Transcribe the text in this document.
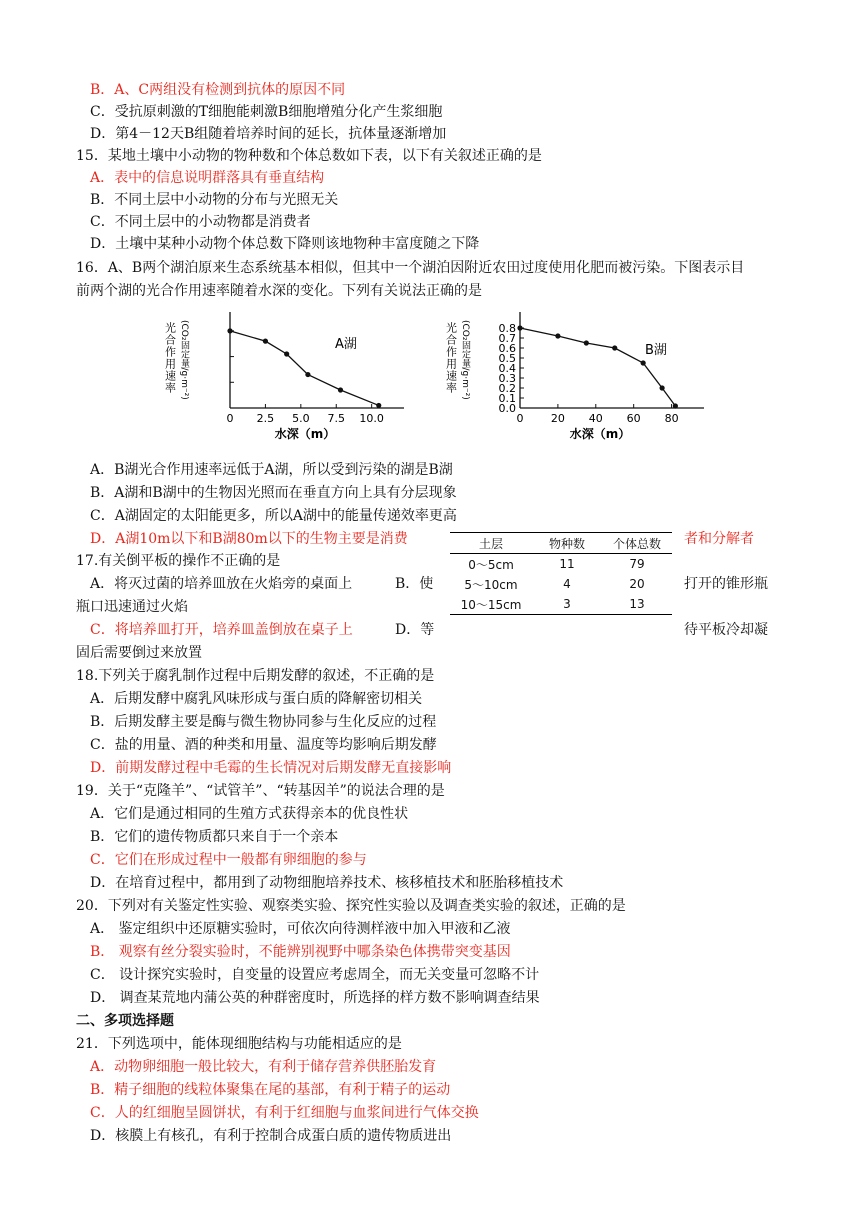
B．A、C两组没有检测到抗体的原因不同
C．受抗原刺激的T细胞能刺激B细胞增殖分化产生浆细胞
D．第4－12天B组随着培养时间的延长，抗体量逐渐增加
15．某地土壤中小动物的物种数和个体总数如下表，以下有关叙述正确的是
A．表中的信息说明群落具有垂直结构
B．不同土层中小动物的分布与光照无关
C．不同土层中的小动物都是消费者
D．土壤中某种小动物个体总数下降则该地物种丰富度随之下降
16．A、B两个湖泊原来生态系统基本相似，但其中一个湖泊因附近农田过度使用化肥而被污染。下图表示目
前两个湖的光合作用速率随着水深的变化。下列有关说法正确的是
0 2.5 5.0 7.5 10.0
A湖
水深（m）
光合作用速率 (CO₂固定量/g·m⁻²)	0.8
0.7
0.6
0.5
0.4
0.3
0.2
0.1
0.0
0 20 40 60 80
B湖
水深（m）
光合作用速率 (CO₂固定量/g·m⁻²)
A．B湖光合作用速率远低于A湖，所以受到污染的湖是B湖
B．A湖和B湖中的生物因光照而在垂直方向上具有分层现象
C．A湖固定的太阳能更多，所以A湖中的能量传递效率更高
D．A湖10m以下和B湖80m以下的生物主要是消费	者和分解者
土层	物种数	个体总数
0～5cm	11	79
5～10cm	4	20
10～15cm	3	13
17.有关倒平板的操作不正确的是
A．将灭过菌的培养皿放在火焰旁的桌面上	B．使	打开的锥形瓶
瓶口迅速通过火焰
C．将培养皿打开，培养皿盖倒放在桌子上	D．等	待平板冷却凝
固后需要倒过来放置
18.下列关于腐乳制作过程中后期发酵的叙述，不正确的是
A．后期发酵中腐乳风味形成与蛋白质的降解密切相关
B．后期发酵主要是酶与微生物协同参与生化反应的过程
C．盐的用量、酒的种类和用量、温度等均影响后期发酵
D．前期发酵过程中毛霉的生长情况对后期发酵无直接影响
19．关于“克隆羊”、“试管羊”、“转基因羊”的说法合理的是
A．它们是通过相同的生殖方式获得亲本的优良性状
B．它们的遗传物质都只来自于一个亲本
C．它们在形成过程中一般都有卵细胞的参与
D．在培育过程中，都用到了动物细胞培养技术、核移植技术和胚胎移植技术
20．下列对有关鉴定性实验、观察类实验、探究性实验以及调查类实验的叙述，正确的是
A． 鉴定组织中还原糖实验时，可依次向待测样液中加入甲液和乙液
B． 观察有丝分裂实验时，不能辨别视野中哪条染色体携带突变基因
C． 设计探究实验时，自变量的设置应考虑周全，而无关变量可忽略不计
D． 调查某荒地内蒲公英的种群密度时，所选择的样方数不影响调查结果
二、多项选择题
21．下列选项中，能体现细胞结构与功能相适应的是
A．动物卵细胞一般比较大，有利于储存营养供胚胎发育
B．精子细胞的线粒体聚集在尾的基部，有利于精子的运动
C．人的红细胞呈圆饼状，有利于红细胞与血浆间进行气体交换
D．核膜上有核孔，有利于控制合成蛋白质的遗传物质进出
